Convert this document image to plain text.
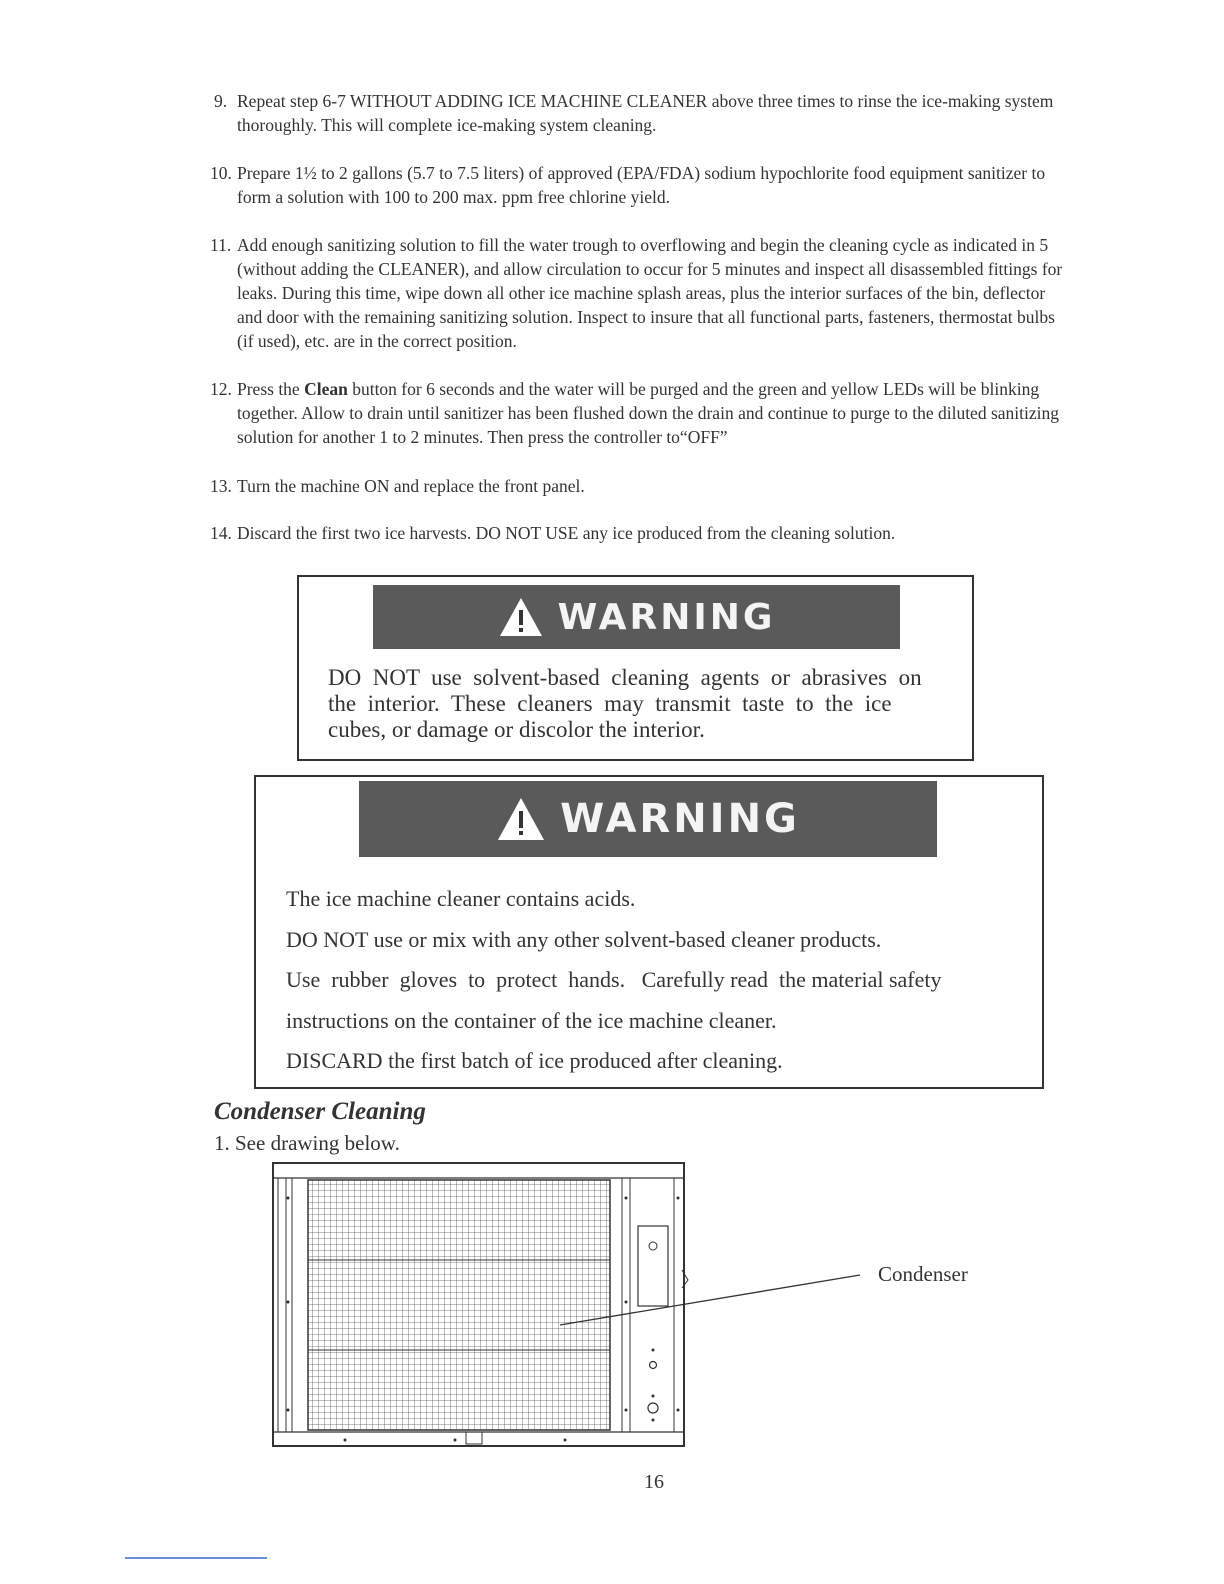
9. Repeat step 6-7 WITHOUT ADDING ICE MACHINE CLEANER above three times to rinse the ice-making system thoroughly. This will complete ice-making system cleaning.
10. Prepare 1½ to 2 gallons (5.7 to 7.5 liters) of approved (EPA/FDA) sodium hypochlorite food equipment sanitizer to form a solution with 100 to 200 max. ppm free chlorine yield.
11. Add enough sanitizing solution to fill the water trough to overflowing and begin the cleaning cycle as indicated in 5 (without adding the CLEANER), and allow circulation to occur for 5 minutes and inspect all disassembled fittings for leaks. During this time, wipe down all other ice machine splash areas, plus the interior surfaces of the bin, deflector and door with the remaining sanitizing solution. Inspect to insure that all functional parts, fasteners, thermostat bulbs (if used), etc. are in the correct position.
12. Press the Clean button for 6 seconds and the water will be purged and the green and yellow LEDs will be blinking together. Allow to drain until sanitizer has been flushed down the drain and continue to purge to the diluted sanitizing solution for another 1 to 2 minutes. Then press the controller to“OFF”
13. Turn the machine ON and replace the front panel.
14. Discard the first two ice harvests. DO NOT USE any ice produced from the cleaning solution.
WARNING
DO  NOT  use  solvent-based  cleaning  agents  or  abrasives  on
the  interior.  These  cleaners  may  transmit  taste  to  the  ice
cubes, or damage or discolor the interior.
WARNING
The ice machine cleaner contains acids.
DO NOT use or mix with any other solvent-based cleaner products.
Use  rubber  gloves  to  protect  hands.   Carefully read  the material safety
instructions on the container of the ice machine cleaner.
DISCARD the first batch of ice produced after cleaning.
Condenser Cleaning
1. See drawing below.
Condenser
16
